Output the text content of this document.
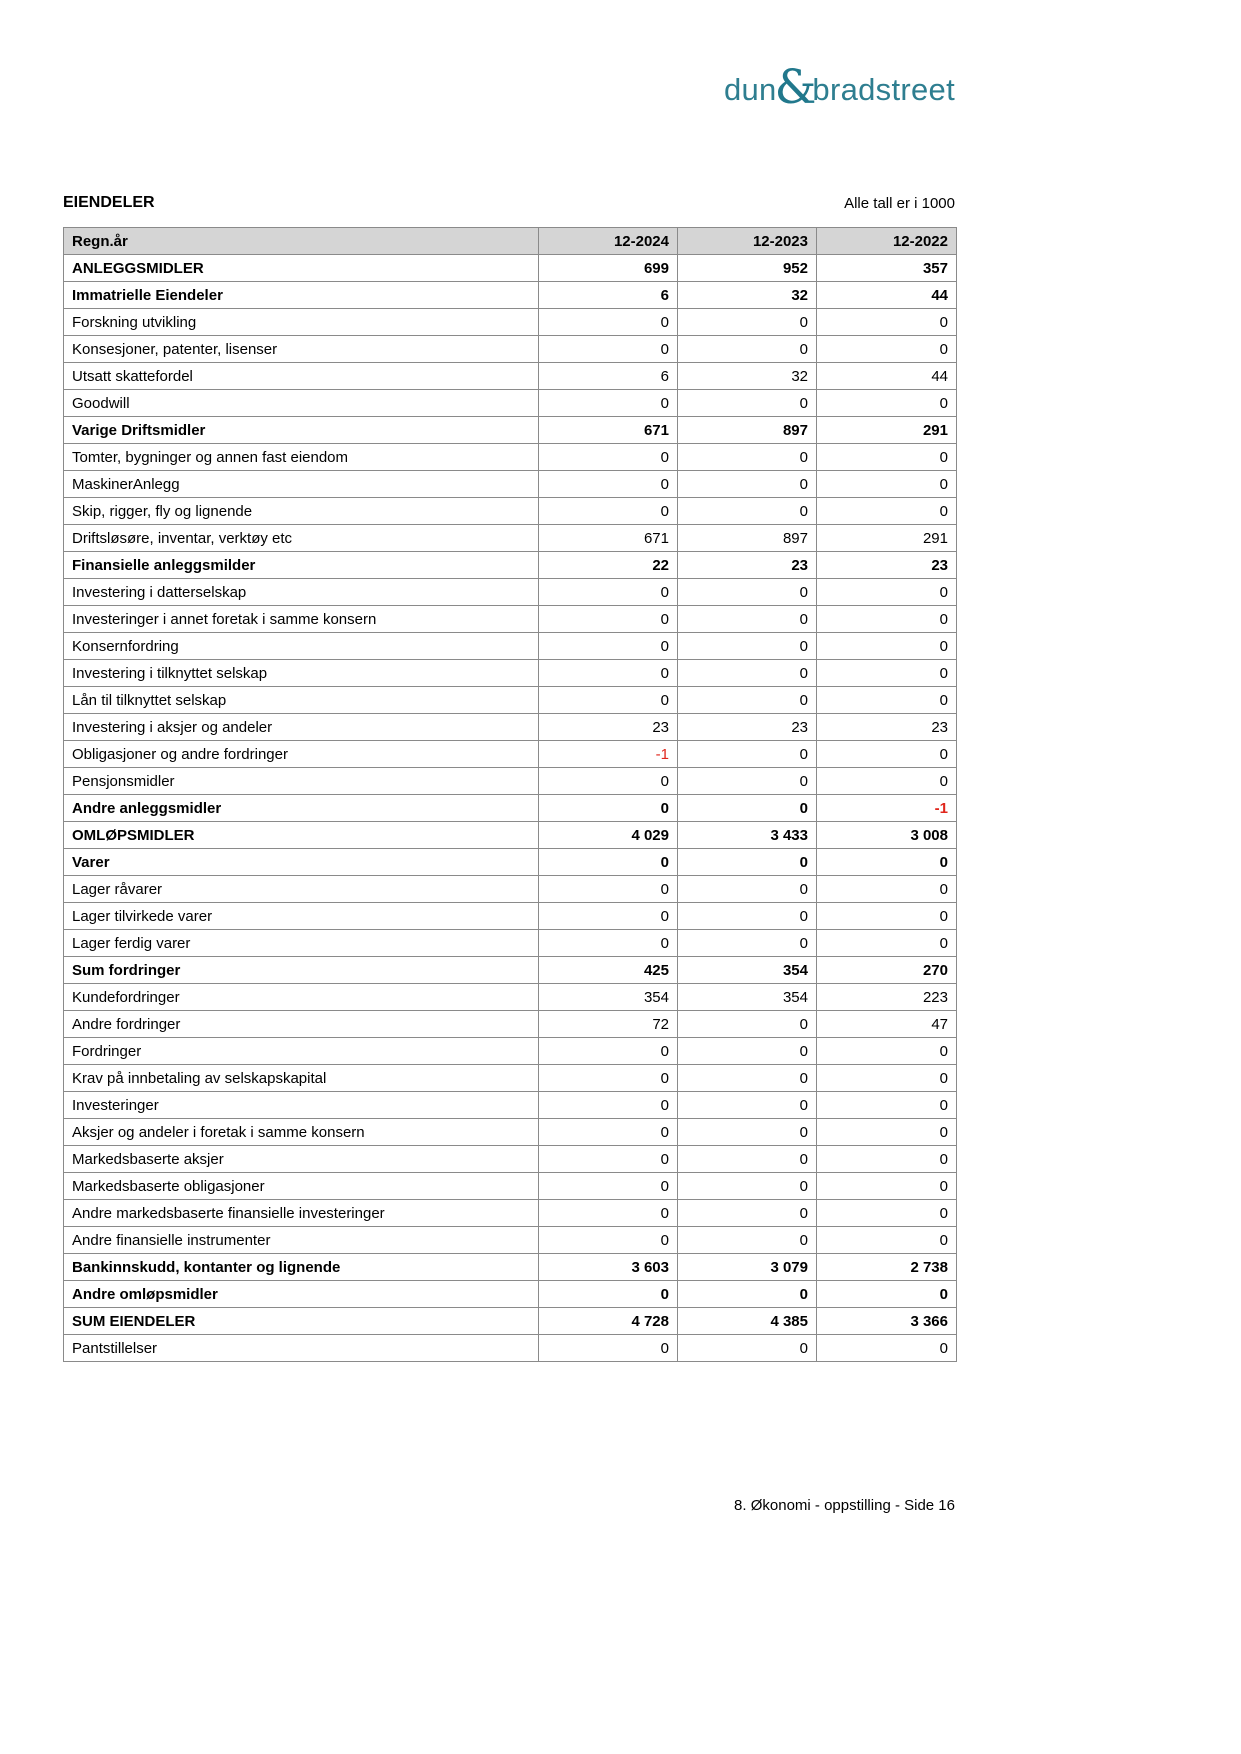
dun
&
bradstreet
EIENDELER	Alle tall er i 1000
Regn.år	12-2024	12-2023	12-2022
ANLEGGSMIDLER	699	952	357
Immatrielle Eiendeler	6	32	44
Forskning utvikling	0	0	0
Konsesjoner, patenter, lisenser	0	0	0
Utsatt skattefordel	6	32	44
Goodwill	0	0	0
Varige Driftsmidler	671	897	291
Tomter, bygninger og annen fast eiendom	0	0	0
MaskinerAnlegg	0	0	0
Skip, rigger, fly og lignende	0	0	0
Driftsløsøre, inventar, verktøy etc	671	897	291
Finansielle anleggsmilder	22	23	23
Investering i datterselskap	0	0	0
Investeringer i annet foretak i samme konsern	0	0	0
Konsernfordring	0	0	0
Investering i tilknyttet selskap	0	0	0
Lån til tilknyttet selskap	0	0	0
Investering i aksjer og andeler	23	23	23
Obligasjoner og andre fordringer	-1	0	0
Pensjonsmidler	0	0	0
Andre anleggsmidler	0	0	-1
OMLØPSMIDLER	4 029	3 433	3 008
Varer	0	0	0
Lager råvarer	0	0	0
Lager tilvirkede varer	0	0	0
Lager ferdig varer	0	0	0
Sum fordringer	425	354	270
Kundefordringer	354	354	223
Andre fordringer	72	0	47
Fordringer	0	0	0
Krav på innbetaling av selskapskapital	0	0	0
Investeringer	0	0	0
Aksjer og andeler i foretak i samme konsern	0	0	0
Markedsbaserte aksjer	0	0	0
Markedsbaserte obligasjoner	0	0	0
Andre markedsbaserte finansielle investeringer	0	0	0
Andre finansielle instrumenter	0	0	0
Bankinnskudd, kontanter og lignende	3 603	3 079	2 738
Andre omløpsmidler	0	0	0
SUM EIENDELER	4 728	4 385	3 366
Pantstillelser	0	0	0
8. Økonomi - oppstilling - Side 16
